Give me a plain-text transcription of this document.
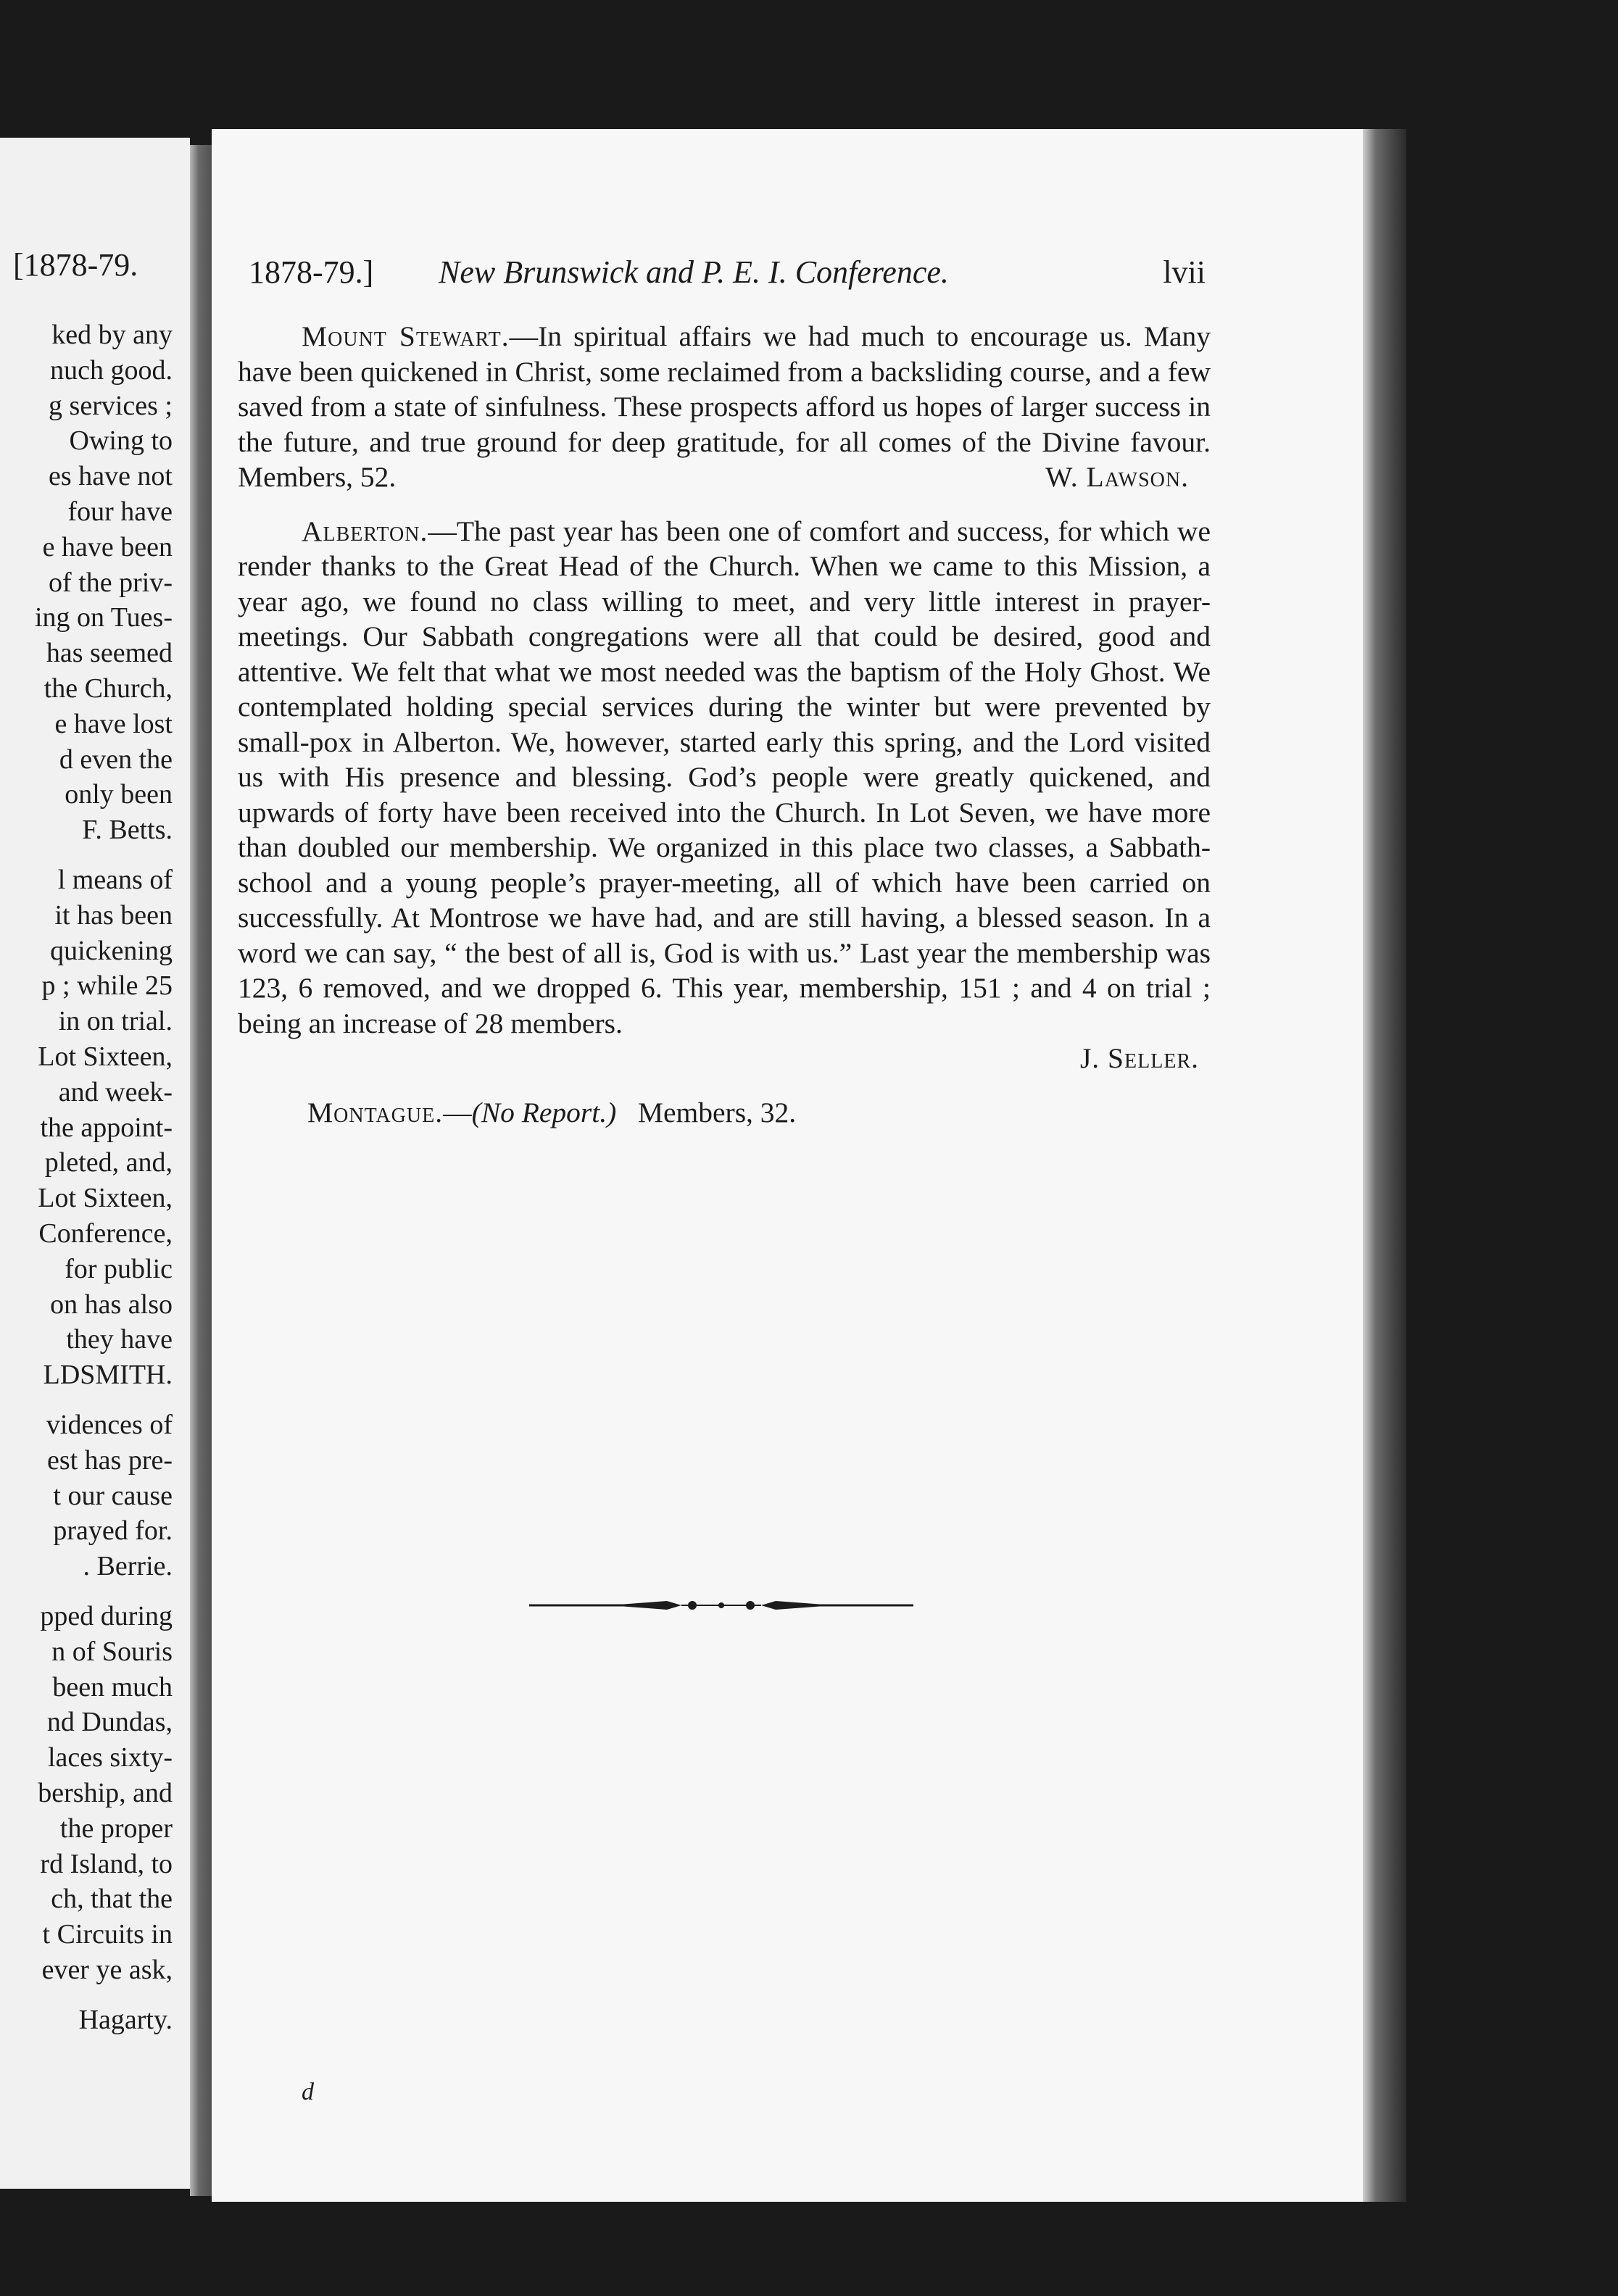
[1878-79.
ked by any
nuch good.
g services ;
Owing to
es have not
four have
e have been
of the priv-
ing on Tues-
has seemed
the Church,
e have lost
d even the
only been
F. Betts.
l means of
it has been
quickening
p ; while 25
in on trial.
Lot Sixteen,
and week-
the appoint-
pleted, and,
Lot Sixteen,
Conference,
for public
on has also
they have
LDSMITH.
vidences of
est has pre-
t our cause
prayed for.
. Berrie.
pped during
n of Souris
been much
nd Dundas,
laces sixty-
bership, and
the proper
rd Island, to
ch, that the
t Circuits in
ever ye ask,
Hagarty.
1878-79.] New Brunswick and P. E. I. Conference.	lvii

Mount Stewart.—In spiritual affairs we had much to encourage us. Many have been quickened in Christ, some reclaimed from a backsliding course, and a few saved from a state of sinfulness. These prospects afford us hopes of larger success in the future, and true ground for deep gratitude, for all comes of the Divine favour. Members, 52.	W. Lawson.

Alberton.—The past year has been one of comfort and success, for which we render thanks to the Great Head of the Church. When we came to this Mission, a year ago, we found no class willing to meet, and very little interest in prayer-meetings. Our Sabbath congregations were all that could be desired, good and attentive. We felt that what we most needed was the baptism of the Holy Ghost. We contemplated holding special services during the winter but were prevented by small-pox in Alberton. We, however, started early this spring, and the Lord visited us with His presence and blessing. God’s people were greatly quickened, and upwards of forty have been received into the Church. In Lot Seven, we have more than doubled our membership. We organized in this place two classes, a Sabbath-school and a young people’s prayer-meeting, all of which have been carried on successfully. At Montrose we have had, and are still having, a blessed season. In a word we can say, “ the best of all is, God is with us.” Last year the membership was 123, 6 removed, and we dropped 6. This year, membership, 151 ; and 4 on trial ; being an increase of 28 members.

J. Seller.

Montague.—(No Report.) Members, 32.

d
